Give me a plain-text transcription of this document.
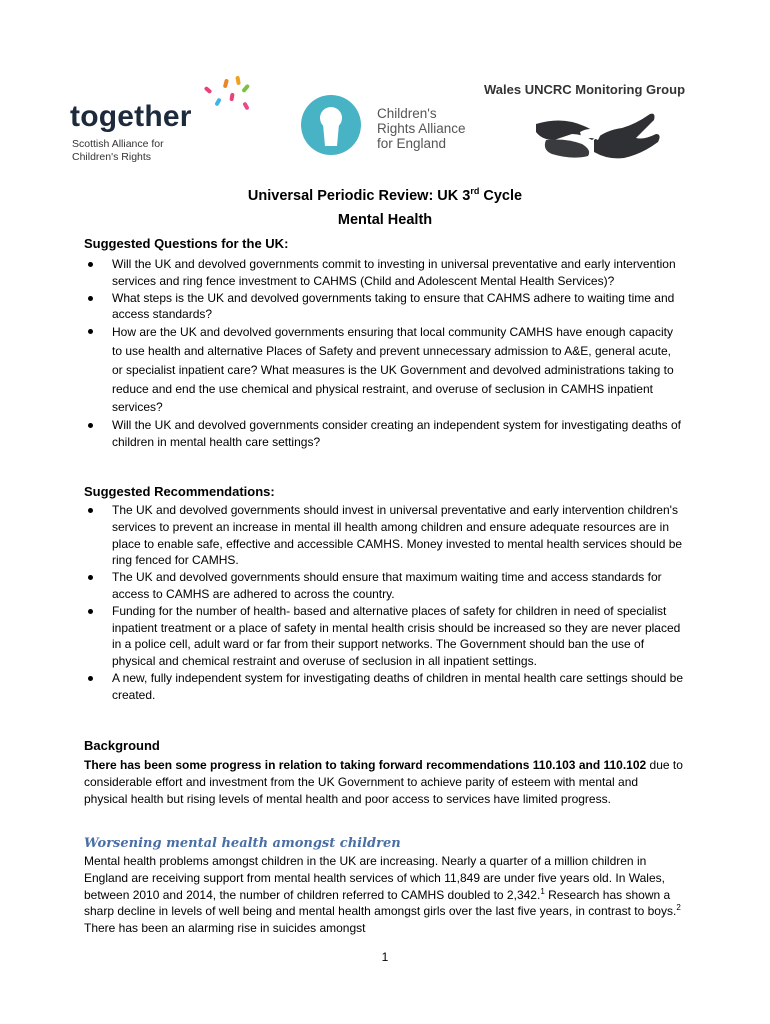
together
Scottish Alliance for
Children's Rights
Children's
Rights Alliance
for England
Wales UNCRC Monitoring Group
Universal Periodic Review: UK 3rd Cycle
Mental Health
Suggested Questions for the UK:
Will the UK and devolved governments commit to investing in universal preventative and early intervention services and ring fence investment to CAHMS (Child and Adolescent Mental Health Services)?
What steps is the UK and devolved governments taking to ensure that CAHMS adhere to waiting time and access standards?
How are the UK and devolved governments ensuring that local community CAMHS have enough capacity to use health and alternative Places of Safety and prevent unnecessary admission to A&E, general acute, or specialist inpatient care? What measures is the UK Government and devolved administrations taking to reduce and end the use chemical and physical restraint, and overuse of seclusion in CAMHS inpatient services?
Will the UK and devolved governments consider creating an independent system for investigating deaths of children in mental health care settings?
Suggested Recommendations:
The UK and devolved governments should invest in universal preventative and early intervention children's services to prevent an increase in mental ill health among children and ensure adequate resources are in place to enable safe, effective and accessible CAMHS. Money invested to mental health services should be ring fenced for CAMHS.
The UK and devolved governments should ensure that maximum waiting time and access standards for access to CAMHS are adhered to across the country.
Funding for the number of health- based and alternative places of safety for children in need of specialist inpatient treatment or a place of safety in mental health crisis should be increased so they are never placed in a police cell, adult ward or far from their support networks. The Government should ban the use of physical and chemical restraint and overuse of seclusion in all inpatient settings.
A new, fully independent system for investigating deaths of children in mental health care settings should be created.
Background

There has been some progress in relation to taking forward recommendations 110.103 and 110.102 due to considerable effort and investment from the UK Government to achieve parity of esteem with mental and physical health but rising levels of mental health and poor access to services have limited progress.

Worsening mental health amongst children

Mental health problems amongst children in the UK are increasing. Nearly a quarter of a million children in England are receiving support from mental health services of which 11,849 are under five years old. In Wales, between 2010 and 2014, the number of children referred to CAMHS doubled to 2,342.$^1$ Research has shown a sharp decline in levels of well being and mental health amongst girls over the last five years, in contrast to boys.$^2$ There has been an alarming rise in suicides amongst

1
